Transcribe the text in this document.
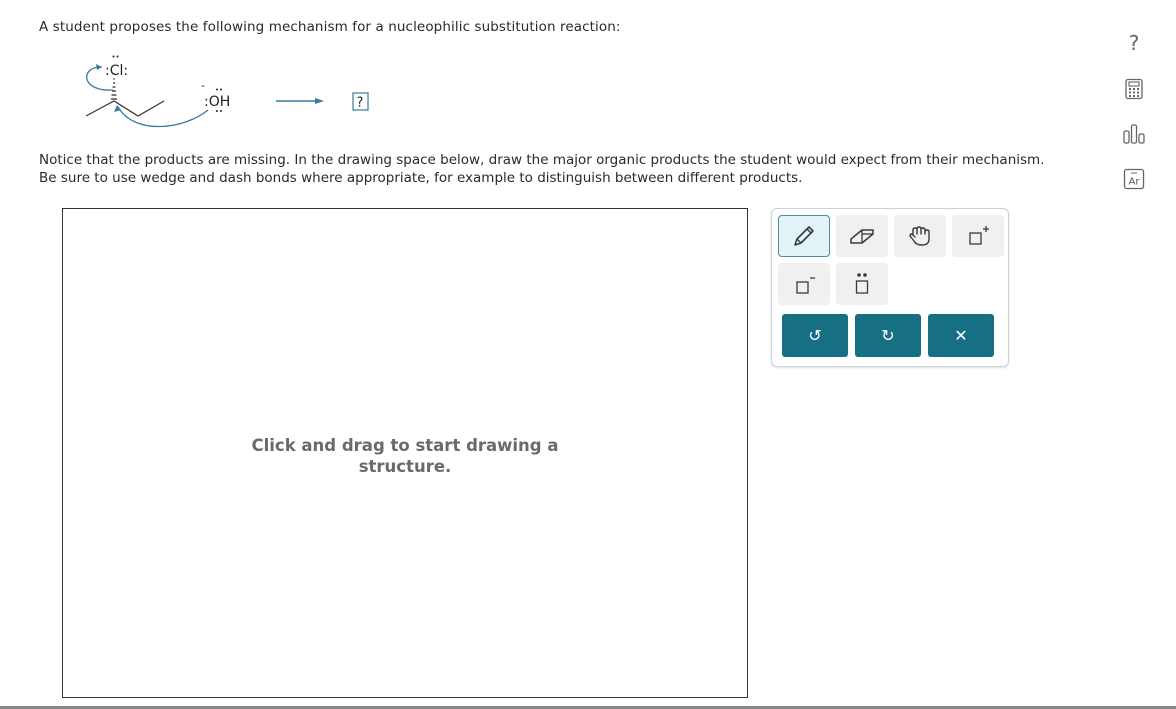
A student proposes the following mechanism for a nucleophilic substitution reaction:
:Cl:
-
:OH	?
Notice that the products are missing. In the drawing space below, draw the major organic products the student would expect from their mechanism.
Be sure to use wedge and dash bonds where appropriate, for example to distinguish between different products.
Click and drag to start drawing a
structure.
↺	↻	✕
?
Ar
